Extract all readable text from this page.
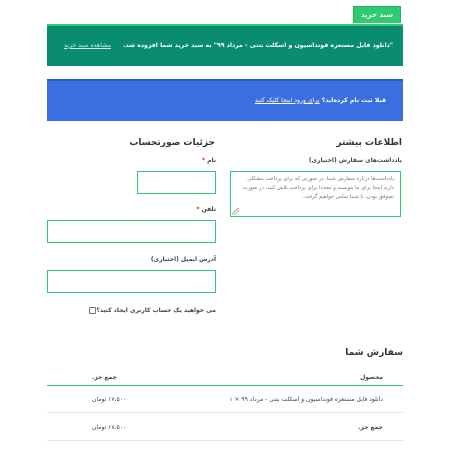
سبد خرید
"دانلود فایل مستعزه فونداسیون و اسکلت بتنی - مرداد ۹۹" به سبد خرید شما افزوده شد.
مشاهده سبد خرید
قبلا ثبت نام کرده‌اید؟ برای ورود اینجا کلیک کنید
جزئیات صورتحساب	اطلاعات بیشتر
نام *	یادداشت‌های سفارش (اختیاری)
یادداشت‌ها درباره سفارش شما، در صورتی که برای پرداخت مشکلی دارید اینجا برای ما بنویسید و مجددا برای پرداخت تلاش کنید. در صورت تصوفق بودن، با شما تماس خواهیم گرفت.
تلفن *
آدرس ایمیل (اختیاری)
می خواهید یک حساب کاربری ایجاد کنید؟
سفارش شما
محصول
جمع جز.
دانلود فایل مستعزه فونداسیون و اسکلت بتنی - مرداد ۹۹ × ۱
۱۷،۵۰۰ تومان
جمع جز.
۱۷،۵۰۰ تومان
